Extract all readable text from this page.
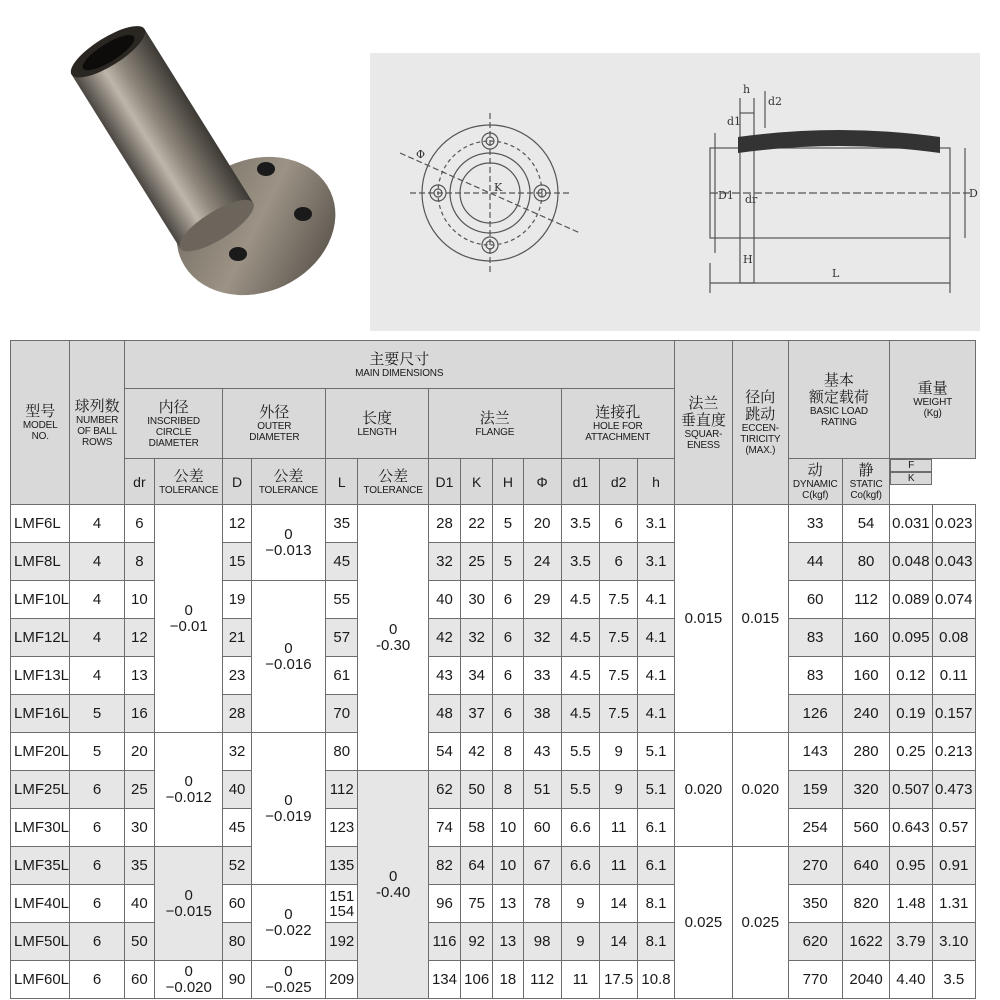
Φ
K
h
d2
d1
D1 dr	D
H
L
型号
MODEL
NO.	球列数
NUMBER
OF BALL
ROWS	主要尺寸
MAIN DIMENSIONS													法兰
垂直度
SQUAR-
ENESS	径向
跳动
ECCEN-
TIRICITY
(MAX.)	基本
额定载荷
BASIC LOAD
RATING		重量
WEIGHT
(Kg)	

		内径
INSCRIBED
CIRCLE
DIAMETER		外径
OUTER
DIAMETER		长度
LENGTH		法兰
FLANGE				连接孔
HOLE FOR
ATTACHMENT								

		dr	公差
TOLERANCE	D	公差
TOLERANCE	L	公差
TOLERANCE	D1	K	H	Φ	d1	d2	h			动
DYNAMIC
C(kgf)	静
STATIC
Co(kgf)

F
K

LMF6L	4	6	0
−0.01	12	0
−0.013	35	0
-0.30	28	22	5	20	3.5	6	3.1	0.015	0.015	33	54	0.031	0.023
LMF8L	4	8		15		45		32	25	5	24	3.5	6	3.1			44	80	0.048	0.043
LMF10L	4	10		19	0
−0.016	55		40	30	6	29	4.5	7.5	4.1			60	112	0.089	0.074
LMF12L	4	12		21		57		42	32	6	32	4.5	7.5	4.1			83	160	0.095	0.08
LMF13L	4	13		23		61		43	34	6	33	4.5	7.5	4.1			83	160	0.12	0.11
LMF16L	5	16		28		70		48	37	6	38	4.5	7.5	4.1			126	240	0.19	0.157
LMF20L	5	20	0
−0.012	32	0
−0.019	80		54	42	8	43	5.5	9	5.1	0.020	0.020	143	280	0.25	0.213
LMF25L	6	25		40		112	0
-0.40	62	50	8	51	5.5	9	5.1			159	320	0.507	0.473
LMF30L	6	30		45		123		74	58	10	60	6.6	11	6.1			254	560	0.643	0.57
LMF35L	6	35	0
−0.015	52		135		82	64	10	67	6.6	11	6.1	0.025	0.025	270	640	0.95	0.91
LMF40L	6	40		60	0
−0.022	151
154		96	75	13	78	9	14	8.1			350	820	1.48	1.31
LMF50L	6	50		80		192		116	92	13	98	9	14	8.1			620	1622	3.79	3.10
LMF60L	6	60	0
−0.020	90	0
−0.025	209		134	106	18	112	11	17.5	10.8			770	2040	4.40	3.5
